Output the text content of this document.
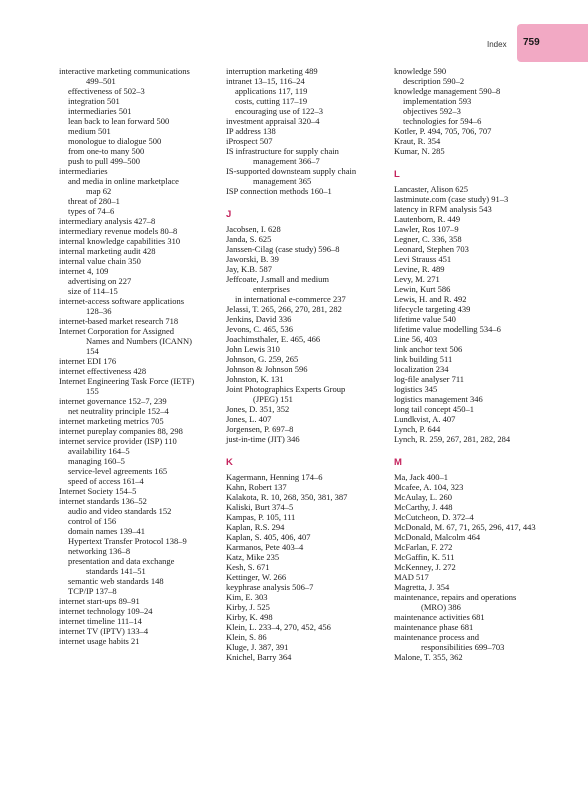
Index 759
interactive marketing communications
499–501
effectiveness of 502–3
integration 501
intermediaries 501
lean back to lean forward 500
medium 501
monologue to dialogue 500
from one-to many 500
push to pull 499–500
intermediaries
and media in online marketplace
map 62
threat of 280–1
types of 74–6
intermediary analysis 427–8
intermediary revenue models 80–8
internal knowledge capabilities 310
internal marketing audit 428
internal value chain 350
internet 4, 109
advertising on 227
size of 114–15
internet-access software applications
128–36
internet-based market research 718
Internet Corporation for Assigned
Names and Numbers (ICANN)
154
internet EDI 176
internet effectiveness 428
Internet Engineering Task Force (IETF)
155
internet governance 152–7, 239
net neutrality principle 152–4
internet marketing metrics 705
internet pureplay companies 88, 298
internet service provider (ISP) 110
availability 164–5
managing 160–5
service-level agreements 165
speed of access 161–4
Internet Society 154–5
internet standards 136–52
audio and video standards 152
control of 156
domain names 139–41
Hypertext Transfer Protocol 138–9
networking 136–8
presentation and data exchange
standards 141–51
semantic web standards 148
TCP/IP 137–8
internet start-ups 89–91
internet technology 109–24
internet timeline 111–14
internet TV (IPTV) 133–4
internet usage habits 21
interruption marketing 489
intranet 13–15, 116–24
applications 117, 119
costs, cutting 117–19
encouraging use of 122–3
investment appraisal 320–4
IP address 138
iProspect 507
IS infrastructure for supply chain
management 366–7
IS-supported downsteam supply chain
management 365
ISP connection methods 160–1
J
Jacobsen, I. 628
Janda, S. 625
Janssen-Cilag (case study) 596–8
Jaworski, B. 39
Jay, K.B. 587
Jeffcoate, J.small and medium
enterprises
in international e-commerce 237
Jelassi, T. 265, 266, 270, 281, 282
Jenkins, David 336
Jevons, C. 465, 536
Joachimsthaler, E. 465, 466
John Lewis 310
Johnson, G. 259, 265
Johnson & Johnson 596
Johnston, K. 131
Joint Photographics Experts Group
(JPEG) 151
Jones, D. 351, 352
Jones, L. 407
Jorgensen, P. 697–8
just-in-time (JIT) 346
K
Kagermann, Henning 174–6
Kahn, Robert 137
Kalakota, R. 10, 268, 350, 381, 387
Kaliski, Burt 374–5
Kampas, P. 105, 111
Kaplan, R.S. 294
Kaplan, S. 405, 406, 407
Karmanos, Pete 403–4
Katz, Mike 235
Kesh, S. 671
Kettinger, W. 266
keyphrase analysis 506–7
Kim, E. 303
Kirby, J. 525
Kirby, K. 498
Klein, L. 233–4, 270, 452, 456
Klein, S. 86
Kluge, J. 387, 391
Knichel, Barry 364
knowledge 590
description 590–2
knowledge management 590–8
implementation 593
objectives 592–3
technologies for 594–6
Kotler, P. 494, 705, 706, 707
Kraut, R. 354
Kumar, N. 285
L
Lancaster, Alison 625
lastminute.com (case study) 91–3
latency in RFM analysis 543
Lautenborn, R. 449
Lawler, Ros 107–9
Legner, C. 336, 358
Leonard, Stephen 703
Levi Strauss 451
Levine, R. 489
Levy, M. 271
Lewin, Kurt 586
Lewis, H. and R. 492
lifecycle targeting 439
lifetime value 540
lifetime value modelling 534–6
Line 56, 403
link anchor text 506
link building 511
localization 234
log-file analyser 711
logistics 345
logistics management 346
long tail concept 450–1
Lundkvist, A. 407
Lynch, P. 644
Lynch, R. 259, 267, 281, 282, 284
M
Ma, Jack 400–1
Mcafee, A. 104, 323
McAulay, L. 260
McCarthy, J. 448
McCutcheon, D. 372–4
McDonald, M. 67, 71, 265, 296, 417, 443
McDonald, Malcolm 464
McFarlan, F. 272
McGaffin, K. 511
McKenney, J. 272
MAD 517
Magretta, J. 354
maintenance, repairs and operations
(MRO) 386
maintenance activities 681
maintenance phase 681
maintenance process and
responsibilities 699–703
Malone, T. 355, 362
